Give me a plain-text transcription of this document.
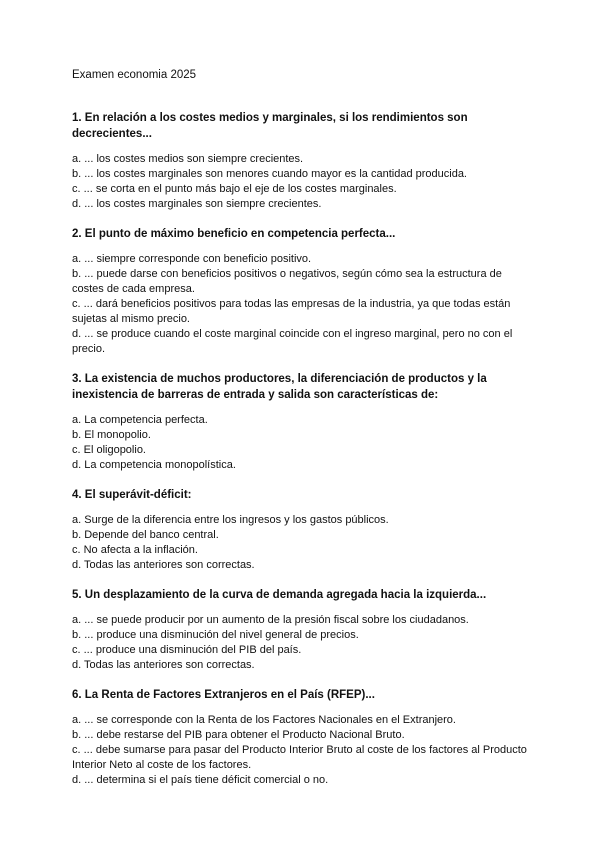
Examen economia 2025

1. En relación a los costes medios y marginales, si los rendimientos son decrecientes...

a. ... los costes medios son siempre crecientes.

b. ... los costes marginales son menores cuando mayor es la cantidad producida.

c. ... se corta en el punto más bajo el eje de los costes marginales.

d. ... los costes marginales son siempre crecientes.

2. El punto de máximo beneficio en competencia perfecta...

a. ... siempre corresponde con beneficio positivo.

b. ... puede darse con beneficios positivos o negativos, según cómo sea la estructura de costes de cada empresa.

c. ... dará beneficios positivos para todas las empresas de la industria, ya que todas están sujetas al mismo precio.

d. ... se produce cuando el coste marginal coincide con el ingreso marginal, pero no con el precio.

3. La existencia de muchos productores, la diferenciación de productos y la inexistencia de barreras de entrada y salida son características de:

a. La competencia perfecta.

b. El monopolio.

c. El oligopolio.

d. La competencia monopolística.

4. El superávit-déficit:

a. Surge de la diferencia entre los ingresos y los gastos públicos.

b. Depende del banco central.

c. No afecta a la inflación.

d. Todas las anteriores son correctas.

5. Un desplazamiento de la curva de demanda agregada hacia la izquierda...

a. ... se puede producir por un aumento de la presión fiscal sobre los ciudadanos.

b. ... produce una disminución del nivel general de precios.

c. ... produce una disminución del PIB del país.

d. Todas las anteriores son correctas.

6. La Renta de Factores Extranjeros en el País (RFEP)...

a. ... se corresponde con la Renta de los Factores Nacionales en el Extranjero.

b. ... debe restarse del PIB para obtener el Producto Nacional Bruto.

c. ... debe sumarse para pasar del Producto Interior Bruto al coste de los factores al Producto Interior Neto al coste de los factores.

d. ... determina si el país tiene déficit comercial o no.
